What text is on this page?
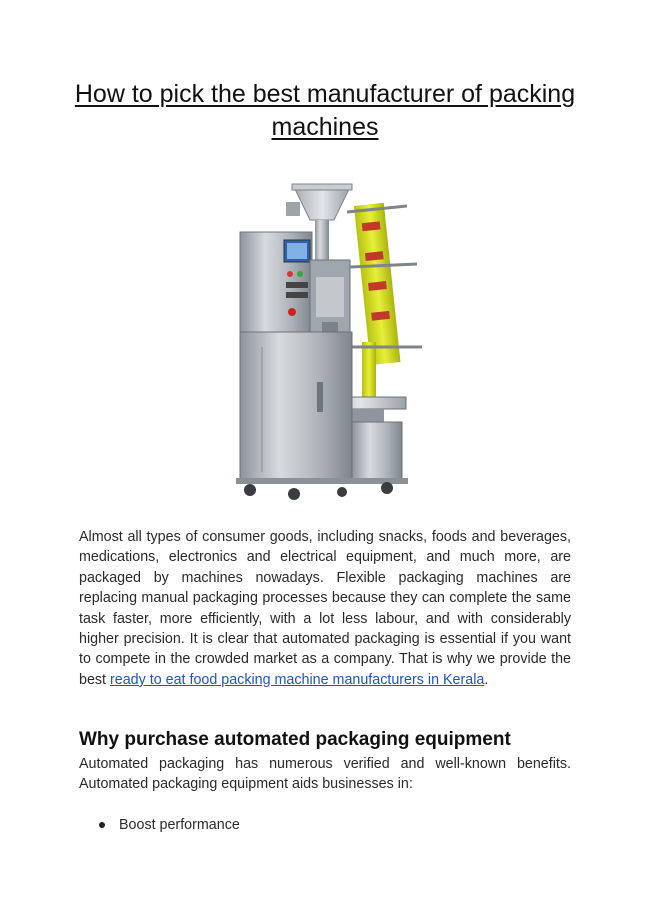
How to pick the best manufacturer of packing machines

Almost all types of consumer goods, including snacks, foods and beverages, medications, electronics and electrical equipment, and much more, are packaged by machines nowadays. Flexible packaging machines are replacing manual packaging processes because they can complete the same task faster, more efficiently, with a lot less labour, and with considerably higher precision. It is clear that automated packaging is essential if you want to compete in the crowded market as a company. That is why we provide the best ready to eat food packing machine manufacturers in Kerala.

Why purchase automated packaging equipment

Automated packaging has numerous verified and well-known benefits. Automated packaging equipment aids businesses in:

Boost performance
